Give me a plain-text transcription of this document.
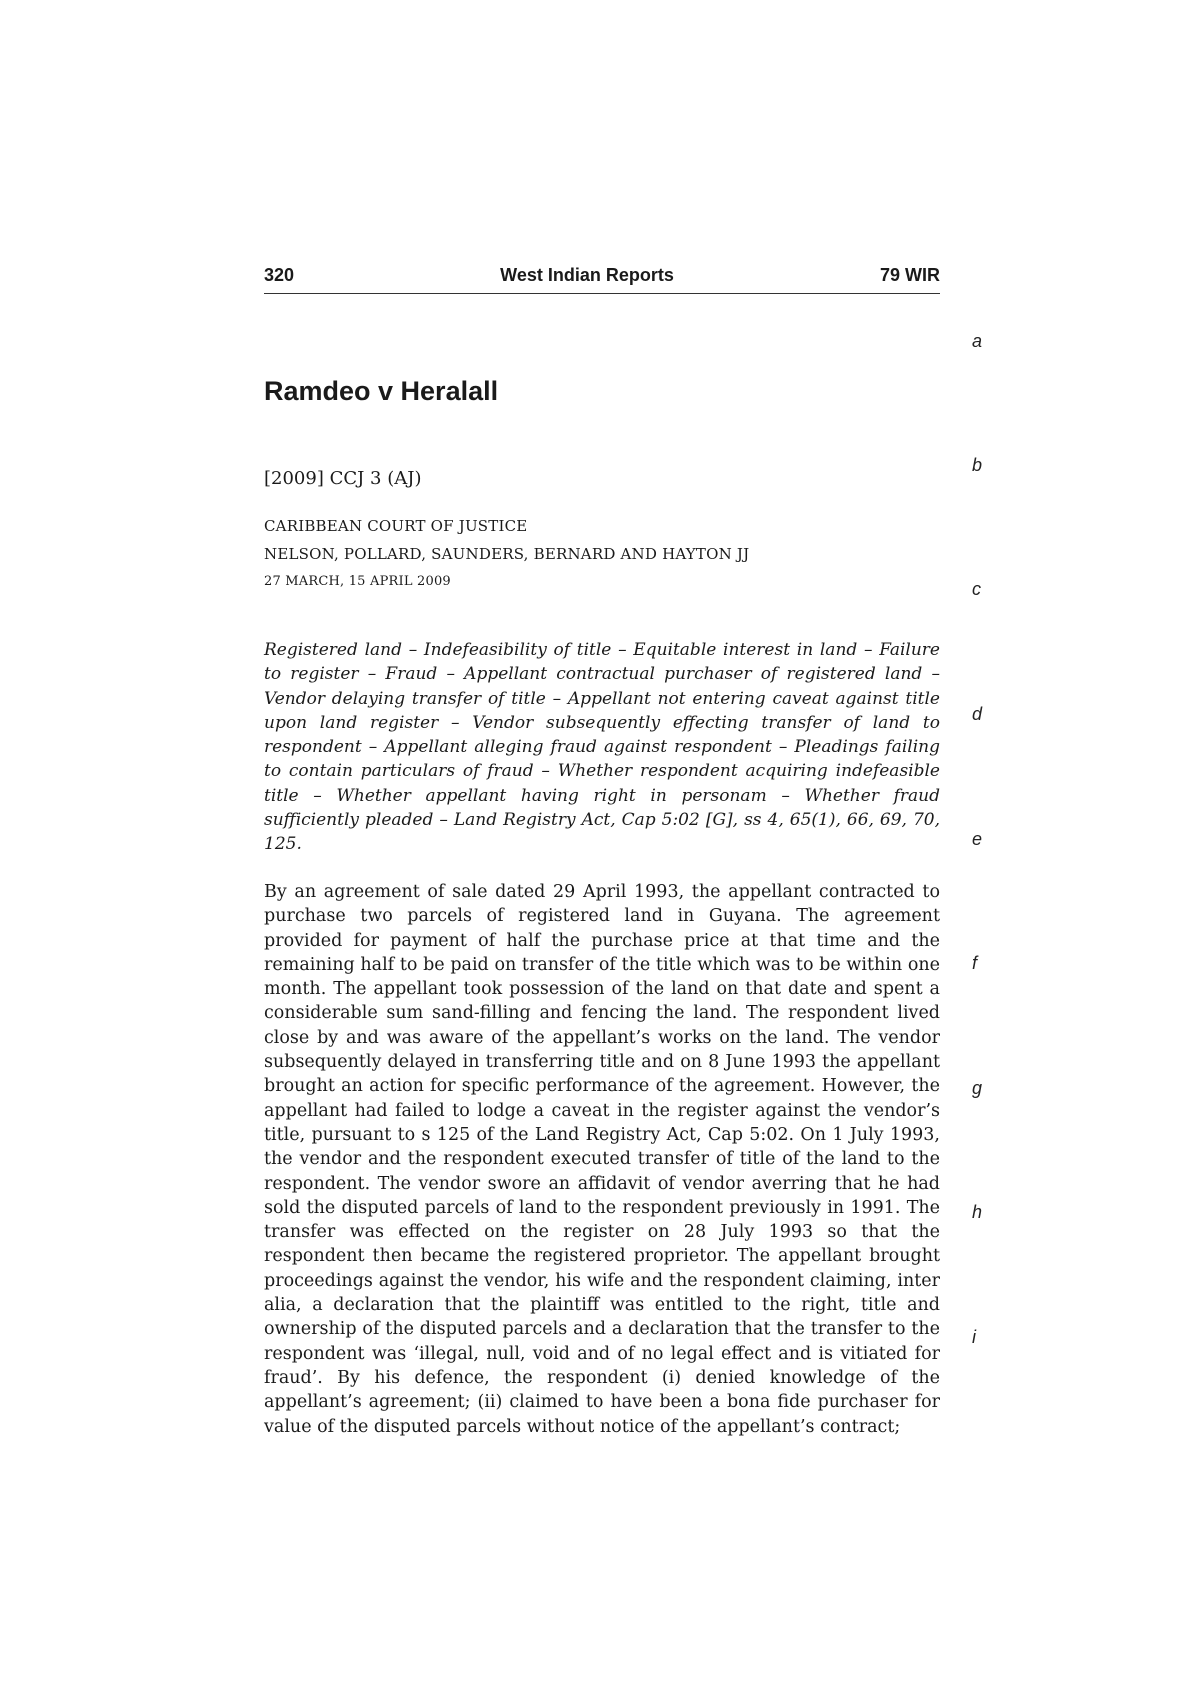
320	West Indian Reports	79 WIR
a
b
c
d
e
f
g
h
i
Ramdeo v Heralall
[2009] CCJ 3 (AJ)
CARIBBEAN COURT OF JUSTICE
NELSON, POLLARD, SAUNDERS, BERNARD AND HAYTON JJ
27 MARCH, 15 APRIL 2009

Registered land – Indefeasibility of title – Equitable interest in land – Failure to register – Fraud – Appellant contractual purchaser of registered land – Vendor delaying transfer of title – Appellant not entering caveat against title upon land register – Vendor subsequently effecting transfer of land to respondent – Appellant alleging fraud against respondent – Pleadings failing to contain particulars of fraud – Whether respondent acquiring indefeasible title – Whether appellant having right in personam – Whether fraud sufficiently pleaded – Land Registry Act, Cap 5:02 [G], ss 4, 65(1), 66, 69, 70, 125.

By an agreement of sale dated 29 April 1993, the appellant contracted to purchase two parcels of registered land in Guyana. The agreement provided for payment of half the purchase price at that time and the remaining half to be paid on transfer of the title which was to be within one month. The appellant took possession of the land on that date and spent a considerable sum sand-filling and fencing the land. The respondent lived close by and was aware of the appellant’s works on the land. The vendor subsequently delayed in transferring title and on 8 June 1993 the appellant brought an action for specific performance of the agreement. However, the appellant had failed to lodge a caveat in the register against the vendor’s title, pursuant to s 125 of the Land Registry Act, Cap 5:02. On 1 July 1993, the vendor and the respondent executed transfer of title of the land to the respondent. The vendor swore an affidavit of vendor averring that he had sold the disputed parcels of land to the respondent previously in 1991. The transfer was effected on the register on 28 July 1993 so that the respondent then became the registered proprietor. The appellant brought proceedings against the vendor, his wife and the respondent claiming, inter alia, a declaration that the plaintiff was entitled to the right, title and ownership of the disputed parcels and a declaration that the transfer to the respondent was ‘illegal, null, void and of no legal effect and is vitiated for fraud’. By his defence, the respondent (i) denied knowledge of the appellant’s agreement; (ii) claimed to have been a bona fide purchaser for value of the disputed parcels without notice of the appellant’s contract;
